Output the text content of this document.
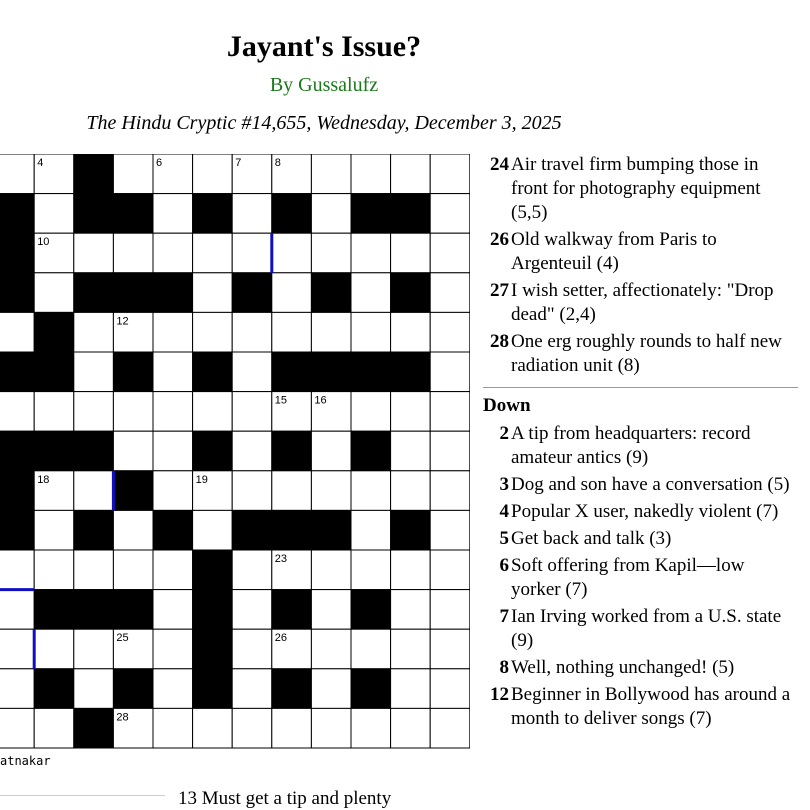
Jayant's Issue?
By Gussalufz
The Hindu Cryptic #14,655, Wednesday, December 3, 2025
4	5	6	7	8
10
12
15 16
18	19
22	23
25	26
28
atnakar
13 Must get a tip and plenty
24 Air travel firm bumping those in front for photography equipment (5,5)
26 Old walkway from Paris to Argenteuil (4)
27 I wish setter, affectionately: "Drop dead" (2,4)
28 One erg roughly rounds to half new radiation unit (8)
Down
2 A tip from headquarters: record amateur antics (9)
3 Dog and son have a conversation (5)
4 Popular X user, nakedly violent (7)
5 Get back and talk (3)
6 Soft offering from Kapil—low yorker (7)
7 Ian Irving worked from a U.S. state (9)
8 Well, nothing unchanged! (5)
12 Beginner in Bollywood has around a month to deliver songs (7)
